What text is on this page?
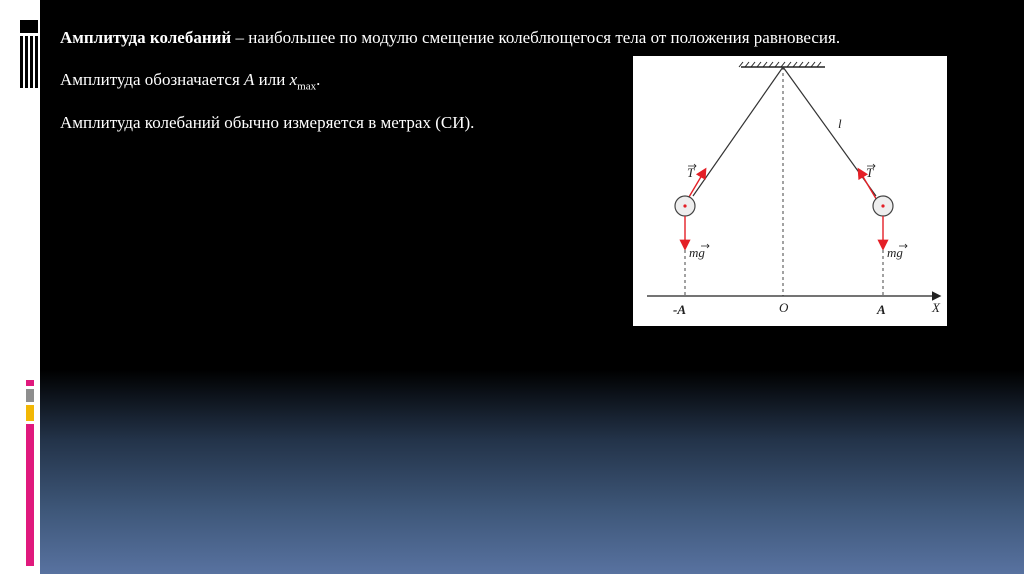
Амплитуда колебаний – наибольшее по модулю смещение колеблющегося тела от положения равновесия.
Амплитуда обозначается A или $x_{max}$.
Амплитуда колебаний обычно измеряется в метрах (СИ).	l
T	T
mg	mg
-A	O	A	X
